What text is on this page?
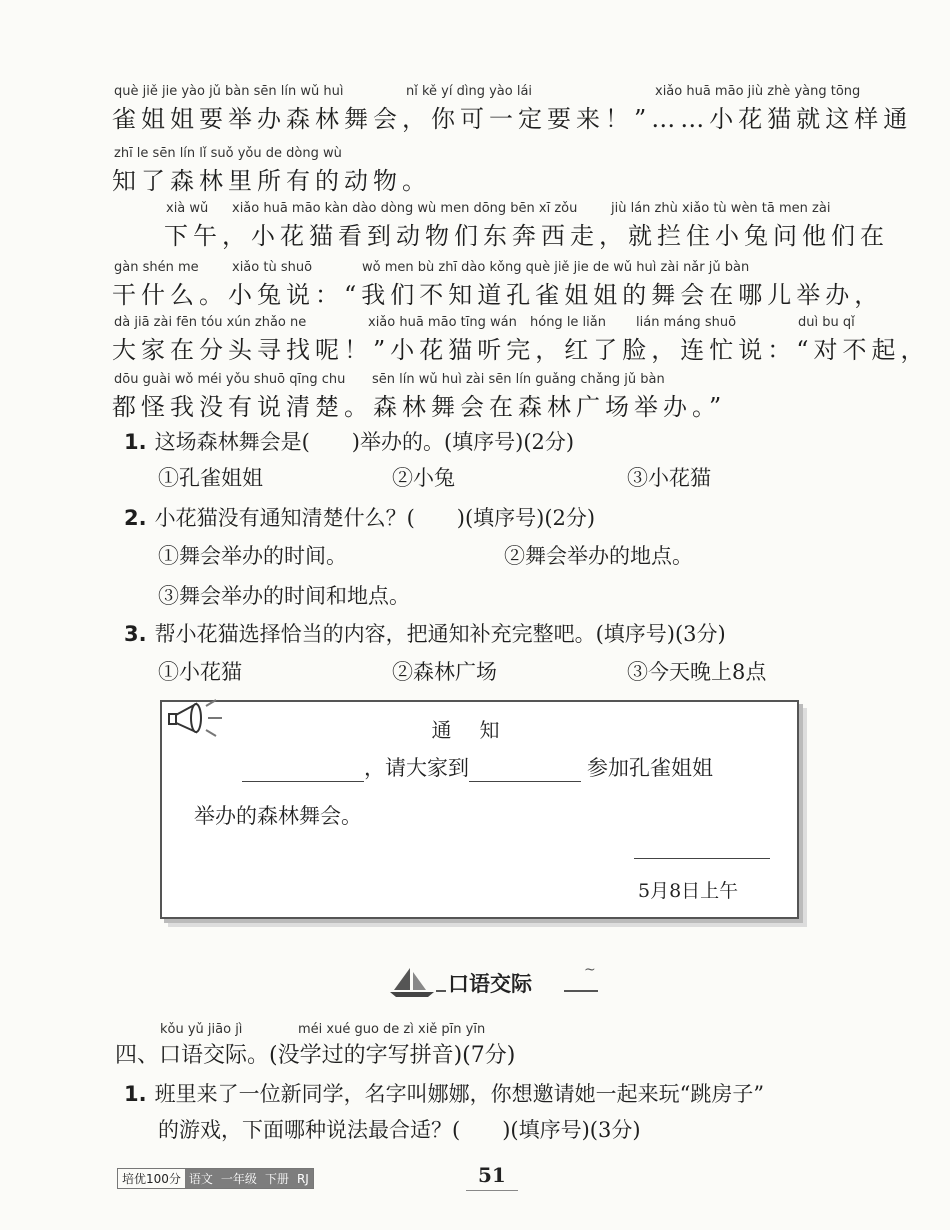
què jiě jie yào jǔ bàn sēn lín wǔ huì	nǐ kě yí dìng yào lái	xiǎo huā māo jiù zhè yàng tōng
雀姐姐要举办森林舞会，你可一定要来！”……小花猫就这样通
zhī le sēn lín lǐ suǒ yǒu de dòng wù
知了森林里所有的动物。
xià wǔ xiǎo huā māo kàn dào dòng wù men dōng bēn xī zǒu	jiù lán zhù xiǎo tù wèn tā men zài
下午，小花猫看到动物们东奔西走，就拦住小兔问他们在
gàn shén me	xiǎo tù shuō	wǒ men bù zhī dào kǒng què jiě jie de wǔ huì zài nǎr jǔ bàn
干什么。小兔说：“我们不知道孔雀姐姐的舞会在哪儿举办，
dà jiā zài fēn tóu xún zhǎo ne	xiǎo huā māo tīng wán hóng le liǎn lián máng shuō	duì bu qǐ
大家在分头寻找呢！”小花猫听完，红了脸，连忙说：“对不起，
dōu guài wǒ méi yǒu shuō qīng chu sēn lín wǔ huì zài sēn lín guǎng chǎng jǔ bàn
都怪我没有说清楚。森林舞会在森林广场举办。”
1. 这场森林舞会是(　　)举办的。(填序号)(2分)
①孔雀姐姐	②小兔	③小花猫
2. 小花猫没有通知清楚什么？(　　)(填序号)(2分)
①舞会举办的时间。	②舞会举办的地点。
③舞会举办的时间和地点。
3. 帮小花猫选择恰当的内容，把通知补充完整吧。(填序号)(3分)
①小花猫	②森林广场	③今天晚上8点
通知
，请大家到	参加孔雀姐姐
举办的森林舞会。
5月8日上午
口语交际
~
kǒu yǔ jiāo jì	méi xué guo de zì xiě pīn yīn
四、口语交际。(没学过的字写拼音)(7分)
1. 班里来了一位新同学，名字叫娜娜，你想邀请她一起来玩“跳房子”
的游戏，下面哪种说法最合适？(　　)(填序号)(3分)
培优100分 语文 一年级 下册 RJ	51
